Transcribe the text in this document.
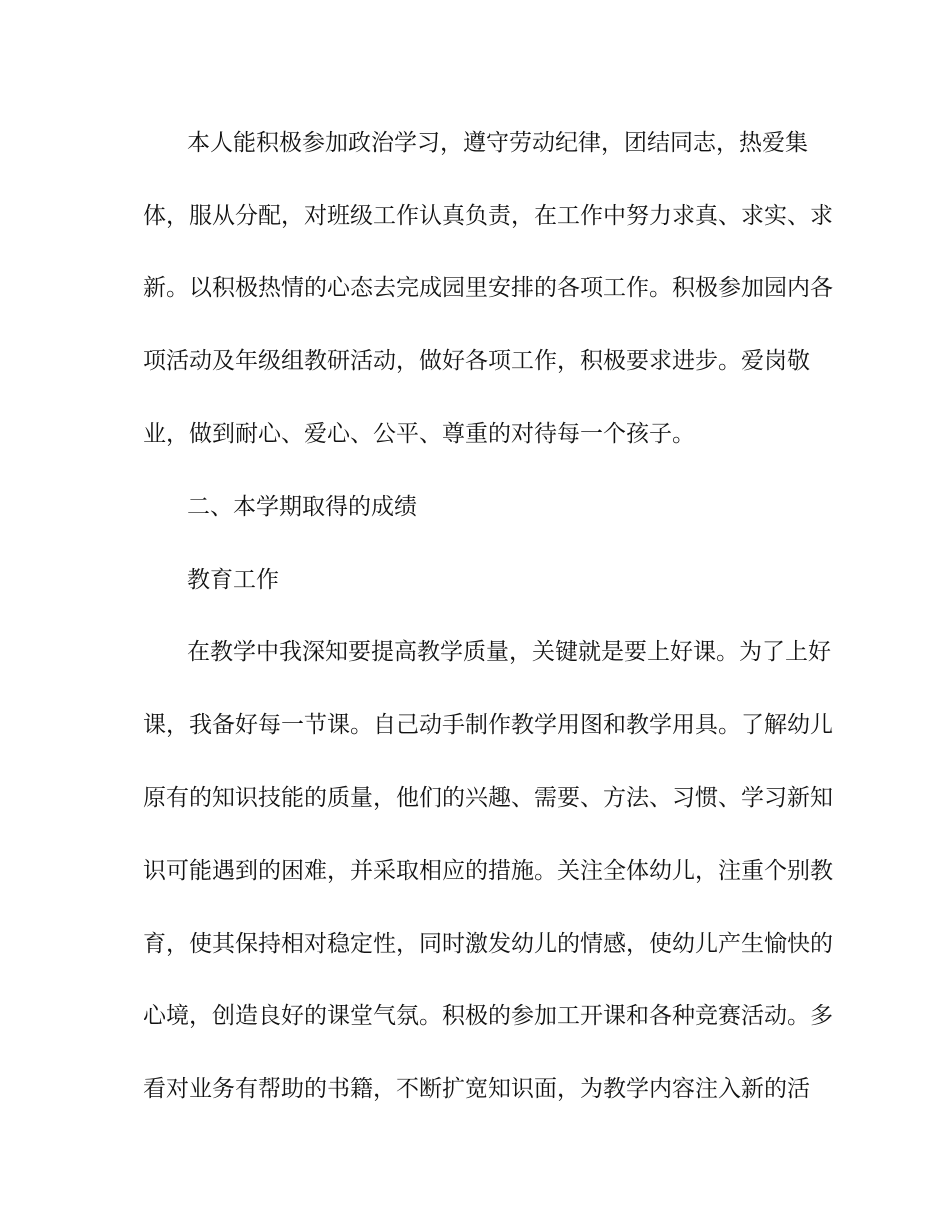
本人能积极参加政治学习，遵守劳动纪律，团结同志，热爱集
体，服从分配，对班级工作认真负责，在工作中努力求真、求实、求
新。以积极热情的心态去完成园里安排的各项工作。积极参加园内各
项活动及年级组教研活动，做好各项工作，积极要求进步。爱岗敬
业，做到耐心、爱心、公平、尊重的对待每一个孩子。
二、本学期取得的成绩
教育工作
在教学中我深知要提高教学质量，关键就是要上好课。为了上好
课，我备好每一节课。自己动手制作教学用图和教学用具。了解幼儿
原有的知识技能的质量，他们的兴趣、需要、方法、习惯、学习新知
识可能遇到的困难，并采取相应的措施。关注全体幼儿，注重个别教
育，使其保持相对稳定性，同时激发幼儿的情感，使幼儿产生愉快的
心境，创造良好的课堂气氛。积极的参加工开课和各种竞赛活动。多
看对业务有帮助的书籍，不断扩宽知识面，为教学内容注入新的活
